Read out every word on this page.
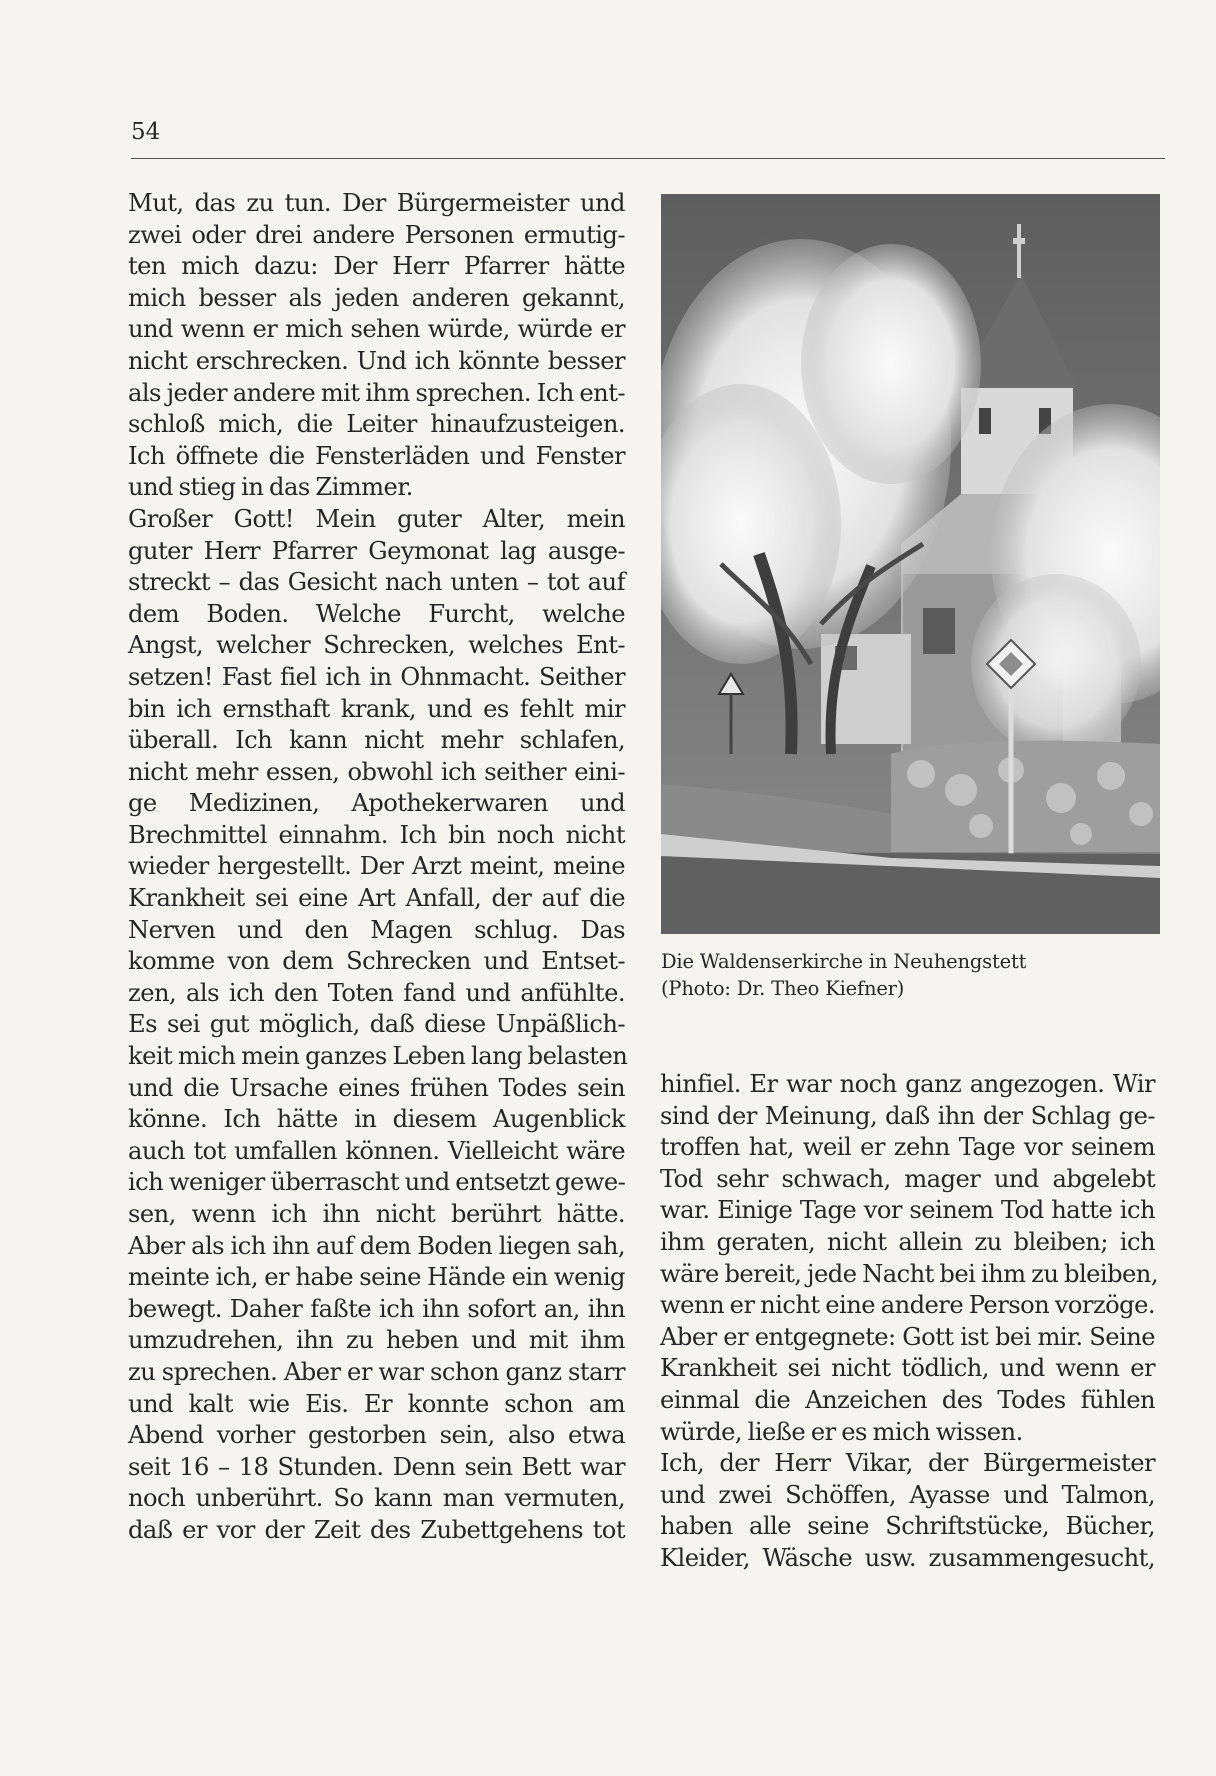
54
Mut, das zu tun. Der Bürgermeister und
zwei oder drei andere Personen ermutig-
ten mich dazu: Der Herr Pfarrer hätte
mich besser als jeden anderen gekannt,
und wenn er mich sehen würde, würde er
nicht erschrecken. Und ich könnte besser
als jeder andere mit ihm sprechen. Ich ent-
schloß mich, die Leiter hinaufzusteigen.
Ich öffnete die Fensterläden und Fenster
und stieg in das Zimmer.
Großer Gott! Mein guter Alter, mein
guter Herr Pfarrer Geymonat lag ausge-
streckt – das Gesicht nach unten – tot auf
dem Boden. Welche Furcht, welche
Angst, welcher Schrecken, welches Ent-
setzen! Fast fiel ich in Ohnmacht. Seither
bin ich ernsthaft krank, und es fehlt mir
überall. Ich kann nicht mehr schlafen,
nicht mehr essen, obwohl ich seither eini-
ge Medizinen, Apothekerwaren und
Brechmittel einnahm. Ich bin noch nicht
wieder hergestellt. Der Arzt meint, meine
Krankheit sei eine Art Anfall, der auf die
Nerven und den Magen schlug. Das
komme von dem Schrecken und Entset-
zen, als ich den Toten fand und anfühlte.
Es sei gut möglich, daß diese Unpäßlich-
keit mich mein ganzes Leben lang belasten
und die Ursache eines frühen Todes sein
könne. Ich hätte in diesem Augenblick
auch tot umfallen können. Vielleicht wäre
ich weniger überrascht und entsetzt gewe-
sen, wenn ich ihn nicht berührt hätte.
Aber als ich ihn auf dem Boden liegen sah,
meinte ich, er habe seine Hände ein wenig
bewegt. Daher faßte ich ihn sofort an, ihn
umzudrehen, ihn zu heben und mit ihm
zu sprechen. Aber er war schon ganz starr
und kalt wie Eis. Er konnte schon am
Abend vorher gestorben sein, also etwa
seit 16 – 18 Stunden. Denn sein Bett war
noch unberührt. So kann man vermuten,
daß er vor der Zeit des Zubettgehens tot
Die Waldenserkirche in Neuhengstett
(Photo: Dr. Theo Kiefner)
hinfiel. Er war noch ganz angezogen. Wir
sind der Meinung, daß ihn der Schlag ge-
troffen hat, weil er zehn Tage vor seinem
Tod sehr schwach, mager und abgelebt
war. Einige Tage vor seinem Tod hatte ich
ihm geraten, nicht allein zu bleiben; ich
wäre bereit, jede Nacht bei ihm zu bleiben,
wenn er nicht eine andere Person vorzöge.
Aber er entgegnete: Gott ist bei mir. Seine
Krankheit sei nicht tödlich, und wenn er
einmal die Anzeichen des Todes fühlen
würde, ließe er es mich wissen.
Ich, der Herr Vikar, der Bürgermeister
und zwei Schöffen, Ayasse und Talmon,
haben alle seine Schriftstücke, Bücher,
Kleider, Wäsche usw. zusammengesucht,
